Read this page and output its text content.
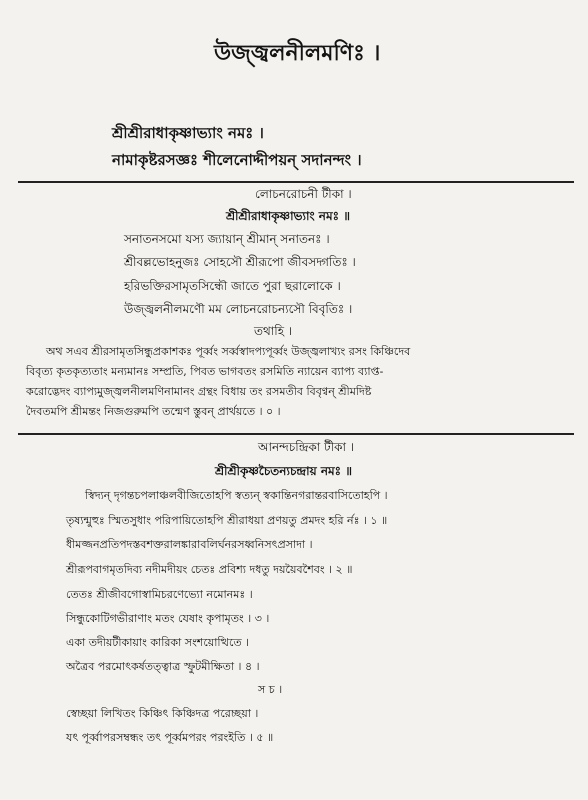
উজ্জ্বলনীলমণিঃ ।
শ্রীশ্রীরাধাকৃষ্ণাভ্যাং নমঃ ।
নামাকৃষ্টরসজ্ঞঃ শীলেনোদ্দীপয়ন্ সদানন্দং ।
লোচনরোচনী টীকা ।
শ্রীশ্রীরাধাকৃষ্ণাভ্যাং নমঃ ॥
সনাতনসমো যস্য জ্যায়ান্ শ্রীমান্ সনাতনঃ ।
শ্রীবল্লভোহনুজঃ সোহসৌ শ্রীরূপো জীবসদ্গতিঃ ।
হরিভক্তিরসামৃতসিন্ধৌ জাতে পুরা ছরালোকে ।
উজ্জ্বলনীলমণৌ মম লোচনরোচন্যসৌ বিবৃতিঃ ।
তথাহি ।
অথ সএব শ্রীরসামৃতসিন্ধুপ্রকাশকঃ পূর্ব্বং সর্ব্বস্বাদপ্যপূর্ব্বং উজ্জ্বলাখ্যং রসং কিঞ্চিদেব
বিবৃত্য কৃতকৃত্যতাং মন্যমানঃ সম্প্রতি, পিবত ভাগবতং রসমিতি ন্যায়েন ব্যাপ্য ব্যাপ্ত-
করোদ্ভেদং ব্যাপ্যমুজ্জ্বলনীলমণিনামানং গ্রন্থং বিধায় তং রসমতীব বিবৃণ্বন্ শ্রীমদিষ্ট
দৈবতমপি শ্রীমন্তং নিজগুরুমপি তন্মেণ স্তুবন্ প্রার্থয়তে । ০ ।
আনন্দচন্দ্রিকা টীকা ।
শ্রীশ্রীকৃষ্ণচৈতন্যচন্দ্রায় নমঃ ॥
স্বিদ্যন্ দৃগন্তচপলাঞ্চলবীজিতোহপি স্বত্যন্ স্বকান্তিনগরান্তরবাসিতোহপি ।
তৃষ্যন্মুহুঃ স্মিতসুধাং পরিপায়িতোহপি শ্রীরাধয়া প্রণয়তু প্রমদং হরি র্নঃ । ১ ॥
ধীমজ্জনপ্রতিপদস্তবশক্তরালঙ্কারাবলির্ঘনরসধ্বনিসৎপ্রসাদা ।
শ্রীরূপবাগমৃতদিব্য নদীমদীয়ং চেতঃ প্রবিশ্য দধতু দয়য়ৈবশৈবং । ২ ॥
তেতঃ শ্রীজীবগোস্বামিচরণেভ্যো নমোনমঃ ।
সিন্ধুকোটিগভীরাণাং মতং যেষাং কৃপামৃতং । ৩ ।
একা তদীয়টীকায়াং কারিকা সংশয়োত্থিতে ।
অত্রৈব পরমোৎকর্ষতত্ত্বাত্র স্ফুটমীক্ষিতা । ৪ ।
স চ ।
স্বেচ্ছয়া লিখিতং কিঞ্চিৎ কিঞ্চিদত্র পরেচ্ছয়া ।
যৎ পূর্ব্বাপরসম্বন্ধং তৎ পূর্ব্বমপরং পরংইতি । ৫ ॥
